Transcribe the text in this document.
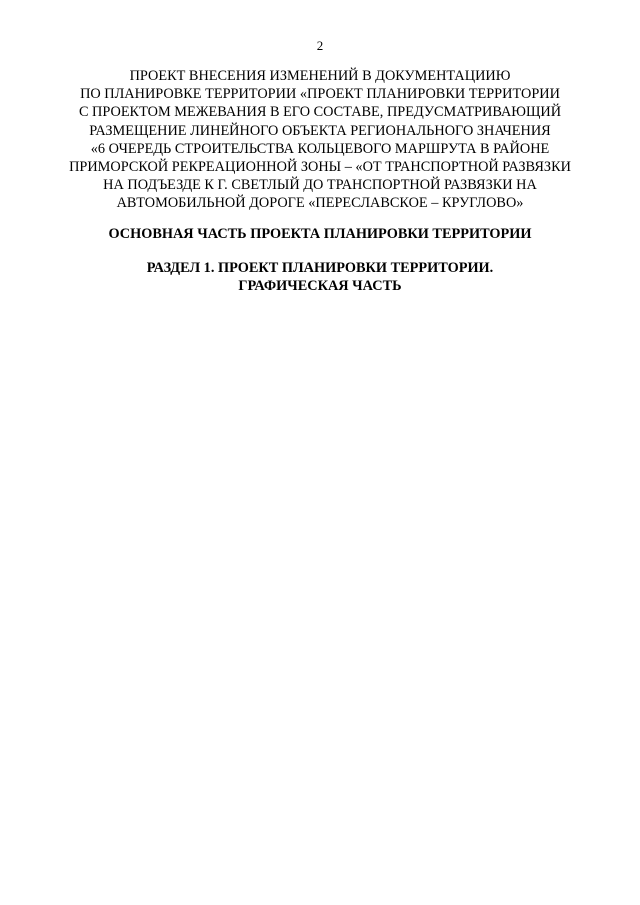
2
ПРОЕКТ ВНЕСЕНИЯ ИЗМЕНЕНИЙ В ДОКУМЕНТАЦИИЮ
ПО ПЛАНИРОВКЕ ТЕРРИТОРИИ «ПРОЕКТ ПЛАНИРОВКИ ТЕРРИТОРИИ
С ПРОЕКТОМ МЕЖЕВАНИЯ В ЕГО СОСТАВЕ, ПРЕДУСМАТРИВАЮЩИЙ
РАЗМЕЩЕНИЕ ЛИНЕЙНОГО ОБЪЕКТА РЕГИОНАЛЬНОГО ЗНАЧЕНИЯ
«6 ОЧЕРЕДЬ СТРОИТЕЛЬСТВА КОЛЬЦЕВОГО МАРШРУТА В РАЙОНЕ
ПРИМОРСКОЙ РЕКРЕАЦИОННОЙ ЗОНЫ – «ОТ ТРАНСПОРТНОЙ РАЗВЯЗКИ
НА ПОДЪЕЗДЕ К Г. СВЕТЛЫЙ ДО ТРАНСПОРТНОЙ РАЗВЯЗКИ НА
АВТОМОБИЛЬНОЙ ДОРОГЕ «ПЕРЕСЛАВСКОЕ – КРУГЛОВО»
ОСНОВНАЯ ЧАСТЬ ПРОЕКТА ПЛАНИРОВКИ ТЕРРИТОРИИ
РАЗДЕЛ 1. ПРОЕКТ ПЛАНИРОВКИ ТЕРРИТОРИИ.
ГРАФИЧЕСКАЯ ЧАСТЬ
